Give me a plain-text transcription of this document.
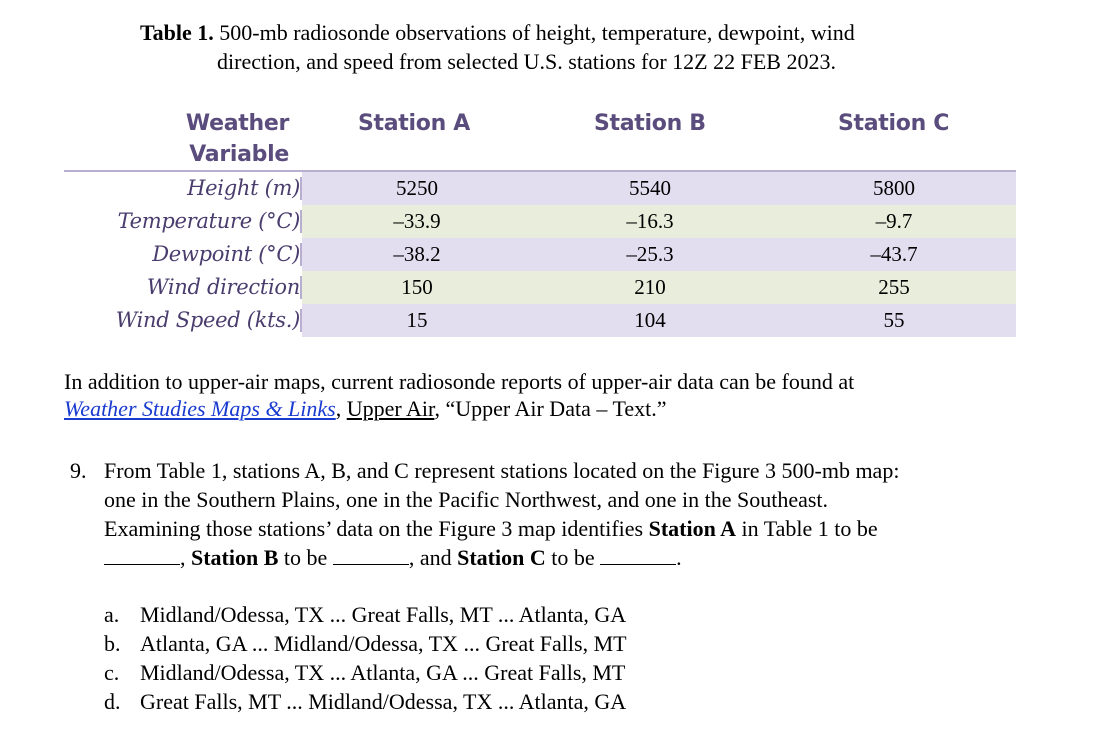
Table 1. 500-mb radiosonde observations of height, temperature, dewpoint, wind
direction, and speed from selected U.S. stations for 12Z 22 FEB 2023.
Weather
Variable
Station A	Station B	Station C
Height (m)	5250	5540	5800
Temperature (°C)	–33.9	–16.3	–9.7
Dewpoint (°C)	–38.2	–25.3	–43.7
Wind direction	150	210	255
Wind Speed (kts.)	15	104	55
In addition to upper-air maps, current radiosonde reports of upper-air data can be found at
Weather Studies Maps & Links, Upper Air, “Upper Air Data – Text.”
9. From Table 1, stations A, B, and C represent stations located on the Figure 3 500-mb map:
one in the Southern Plains, one in the Pacific Northwest, and one in the Southeast.
Examining those stations’ data on the Figure 3 map identifies Station A in Table 1 to be
, Station B to be	, and Station C to be	.
a. Midland/Odessa, TX ... Great Falls, MT ... Atlanta, GA
b. Atlanta, GA ... Midland/Odessa, TX ... Great Falls, MT
c. Midland/Odessa, TX ... Atlanta, GA ... Great Falls, MT
d. Great Falls, MT ... Midland/Odessa, TX ... Atlanta, GA
